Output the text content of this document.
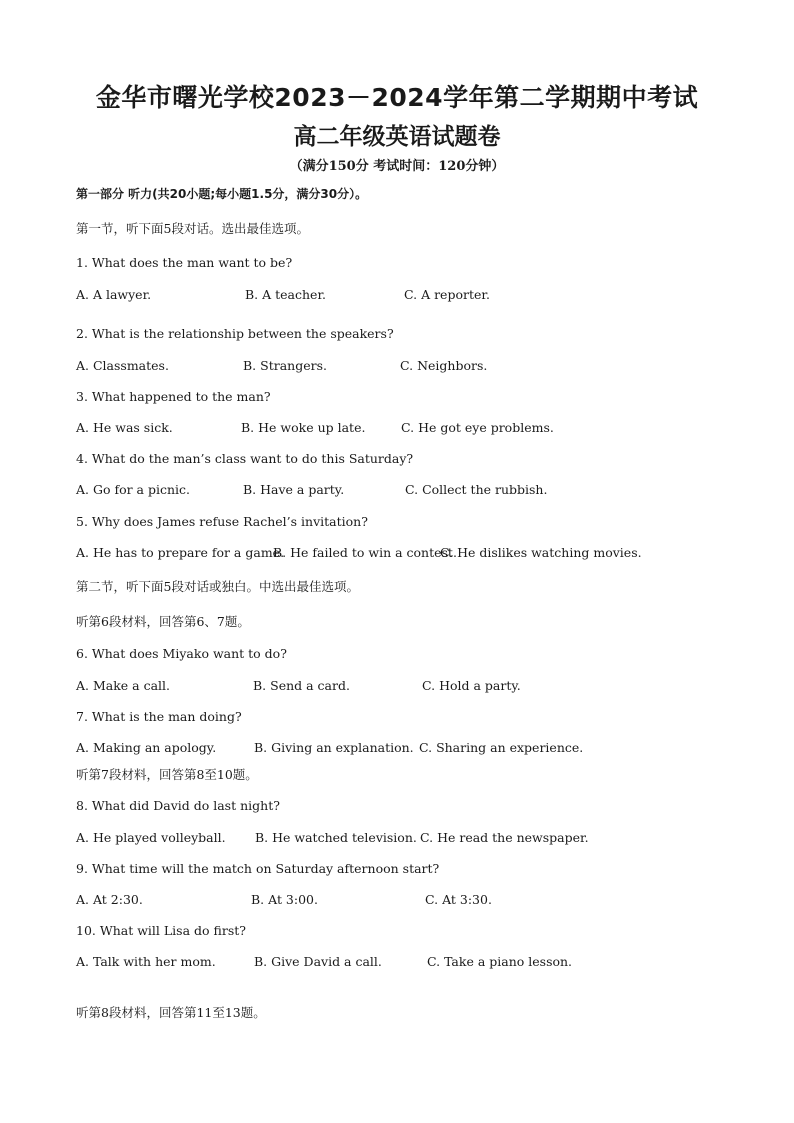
金华市曙光学校2023－2024学年第二学期期中考试
高二年级英语试题卷
（满分150分 考试时间：120分钟）
第一部分 听力(共20小题;每小题1.5分，满分30分）。
第一节，听下面5段对话。选出最佳选项。
1. What does the man want to be?
A. A lawyer.	B. A teacher.	C. A reporter.
2. What is the relationship between the speakers?
A. Classmates.	B. Strangers.	C. Neighbors.
3. What happened to the man?
A. He was sick.	B. He woke up late.	C. He got eye problems.
4. What do the man’s class want to do this Saturday?
A. Go for a picnic.	B. Have a party.	C. Collect the rubbish.
5. Why does James refuse Rachel’s invitation?
A. He has to prepare for a game.
B. He failed to win a contest.
C. He dislikes watching movies.
第二节，听下面5段对话或独白。中选出最佳选项。
听第6段材料，回答第6、7题。
6. What does Miyako want to do?
A. Make a call.	B. Send a card.	C. Hold a party.
7. What is the man doing?
A. Making an apology.	B. Giving an explanation. C. Sharing an experience.
听第7段材料，回答第8至10题。
8. What did David do last night?
A. He played volleyball. B. He watched television. C. He read the newspaper.
9. What time will the match on Saturday afternoon start?
A. At 2:30.	B. At 3:00.	C. At 3:30.
10. What will Lisa do first?
A. Talk with her mom.	B. Give David a call.	C. Take a piano lesson.
听第8段材料，回答第11至13题。
